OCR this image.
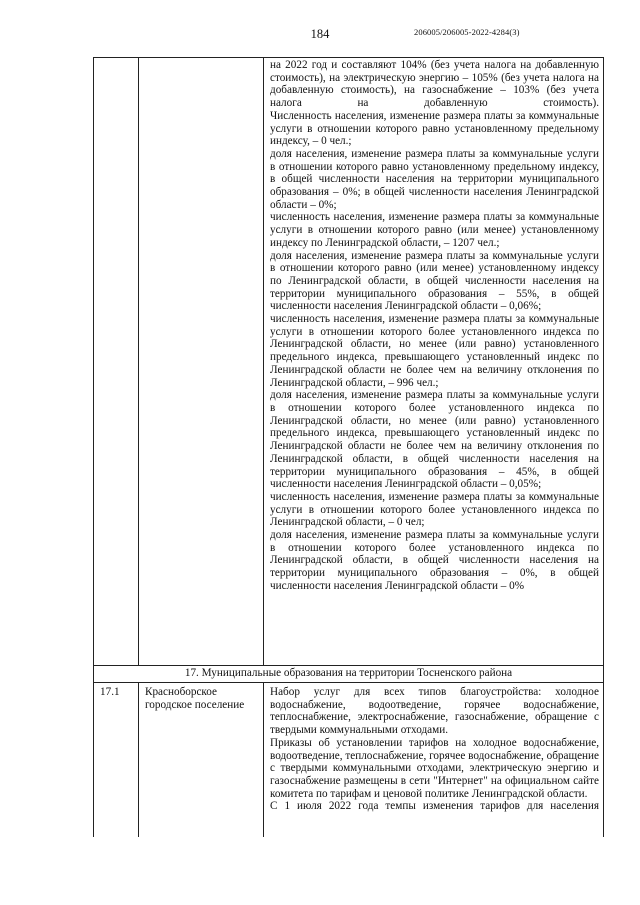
184	206005/206005-2022-4284(3)

на 2022 год и составляют 104% (без учета налога на добавленную стоимость), на электрическую энергию – 105% (без учета налога на добавленную стоимость), на газоснабжение – 103% (без учета налога на добавленную стоимость).

Численность населения, изменение размера платы за коммунальные услуги в отношении которого равно установленному предельному индексу, – 0 чел.;

доля населения, изменение размера платы за коммунальные услуги в отношении которого равно установленному предельному индексу, в общей численности населения на территории муниципального образования – 0%; в общей численности населения Ленинградской области – 0%;

численность населения, изменение размера платы за коммунальные услуги в отношении которого равно (или менее) установленному индексу по Ленинградской области, – 1207 чел.;

доля населения, изменение размера платы за коммунальные услуги в отношении которого равно (или менее) установленному индексу по Ленинградской области, в общей численности населения на территории муниципального образования – 55%, в общей численности населения Ленинградской области – 0,06%;

численность населения, изменение размера платы за коммунальные услуги в отношении которого более установленного индекса по Ленинградской области, но менее (или равно) установленного предельного индекса, превышающего установленный индекс по Ленинградской области не более чем на величину отклонения по Ленинградской области, – 996 чел.;

доля населения, изменение размера платы за коммунальные услуги в отношении которого более установленного индекса по Ленинградской области, но менее (или равно) установленного предельного индекса, превышающего установленный индекс по Ленинградской области не более чем на величину отклонения по Ленинградской области, в общей численности населения на территории муниципального образования – 45%, в общей численности населения Ленинградской области – 0,05%;

численность населения, изменение размера платы за коммунальные услуги в отношении которого более установленного индекса по Ленинградской области, – 0 чел;

доля населения, изменение размера платы за коммунальные услуги в отношении которого более установленного индекса по Ленинградской области, в общей численности населения на территории муниципального образования – 0%, в общей численности населения Ленинградской области – 0%

17. Муниципальные образования на территории Тосненского района
17.1 Красноборское городское поселение

Набор услуг для всех типов благоустройства: холодное водоснабжение, водоотведение, горячее водоснабжение, теплоснабжение, электроснабжение, газоснабжение, обращение с твердыми коммунальными отходами.

Приказы об установлении тарифов на холодное водоснабжение, водоотведение, теплоснабжение, горячее водоснабжение, обращение с твердыми коммунальными отходами, электрическую энергию и газоснабжение размещены в сети "Интернет" на официальном сайте комитета по тарифам и ценовой политике Ленинградской области.

С 1 июля 2022 года темпы изменения тарифов для населения
